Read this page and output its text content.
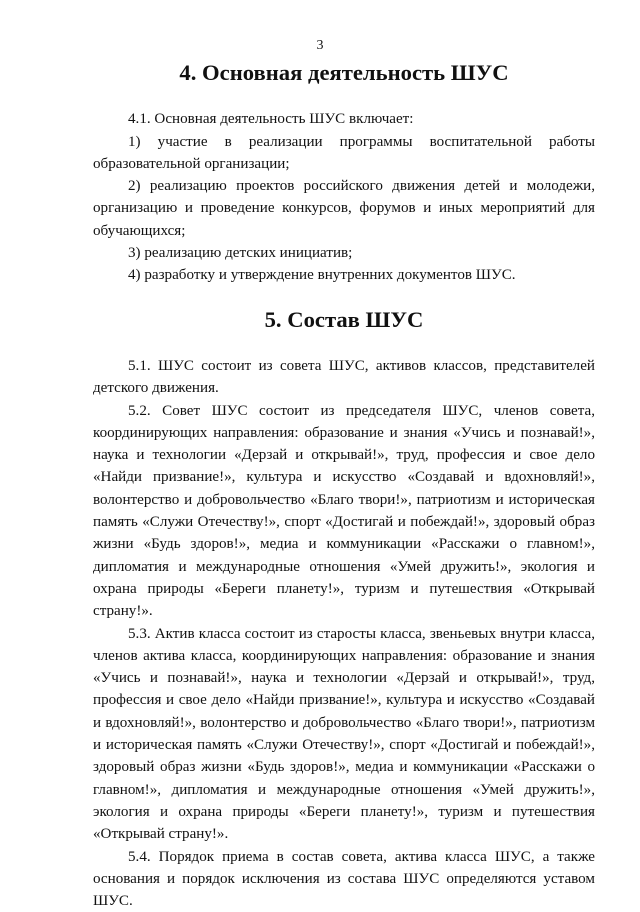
3
4. Основная деятельность ШУС

4.1. Основная деятельность ШУС включает:

1) участие в реализации программы воспитательной работы образовательной организации;

2) реализацию проектов российского движения детей и молодежи, организацию и проведение конкурсов, форумов и иных мероприятий для обучающихся;

3) реализацию детских инициатив;

4) разработку и утверждение внутренних документов ШУС.

5. Состав ШУС

5.1. ШУС состоит из совета ШУС, активов классов, представителей детского движения.

5.2. Совет ШУС состоит из председателя ШУС, членов совета, координирующих направления: образование и знания «Учись и познавай!», наука и технологии «Дерзай и открывай!», труд, профессия и свое дело «Найди призвание!», культура и искусство «Создавай и вдохновляй!», волонтерство и добровольчество «Благо твори!», патриотизм и историческая память «Служи Отечеству!», спорт «Достигай и побеждай!», здоровый образ жизни «Будь здоров!», медиа и коммуникации «Расскажи о главном!», дипломатия и международные отношения «Умей дружить!», экология и охрана природы «Береги планету!», туризм и путешествия «Открывай страну!».

5.3. Актив класса состоит из старосты класса, звеньевых внутри класса, членов актива класса, координирующих направления: образование и знания «Учись и познавай!», наука и технологии «Дерзай и открывай!», труд, профессия и свое дело «Найди призвание!», культура и искусство «Создавай и вдохновляй!», волонтерство и добровольчество «Благо твори!», патриотизм и историческая память «Служи Отечеству!», спорт «Достигай и побеждай!», здоровый образ жизни «Будь здоров!», медиа и коммуникации «Расскажи о главном!», дипломатия и международные отношения «Умей дружить!», экология и охрана природы «Береги планету!», туризм и путешествия «Открывай страну!».

5.4. Порядок приема в состав совета, актива класса ШУС, а также основания и порядок исключения из состава ШУС определяются уставом ШУС.
